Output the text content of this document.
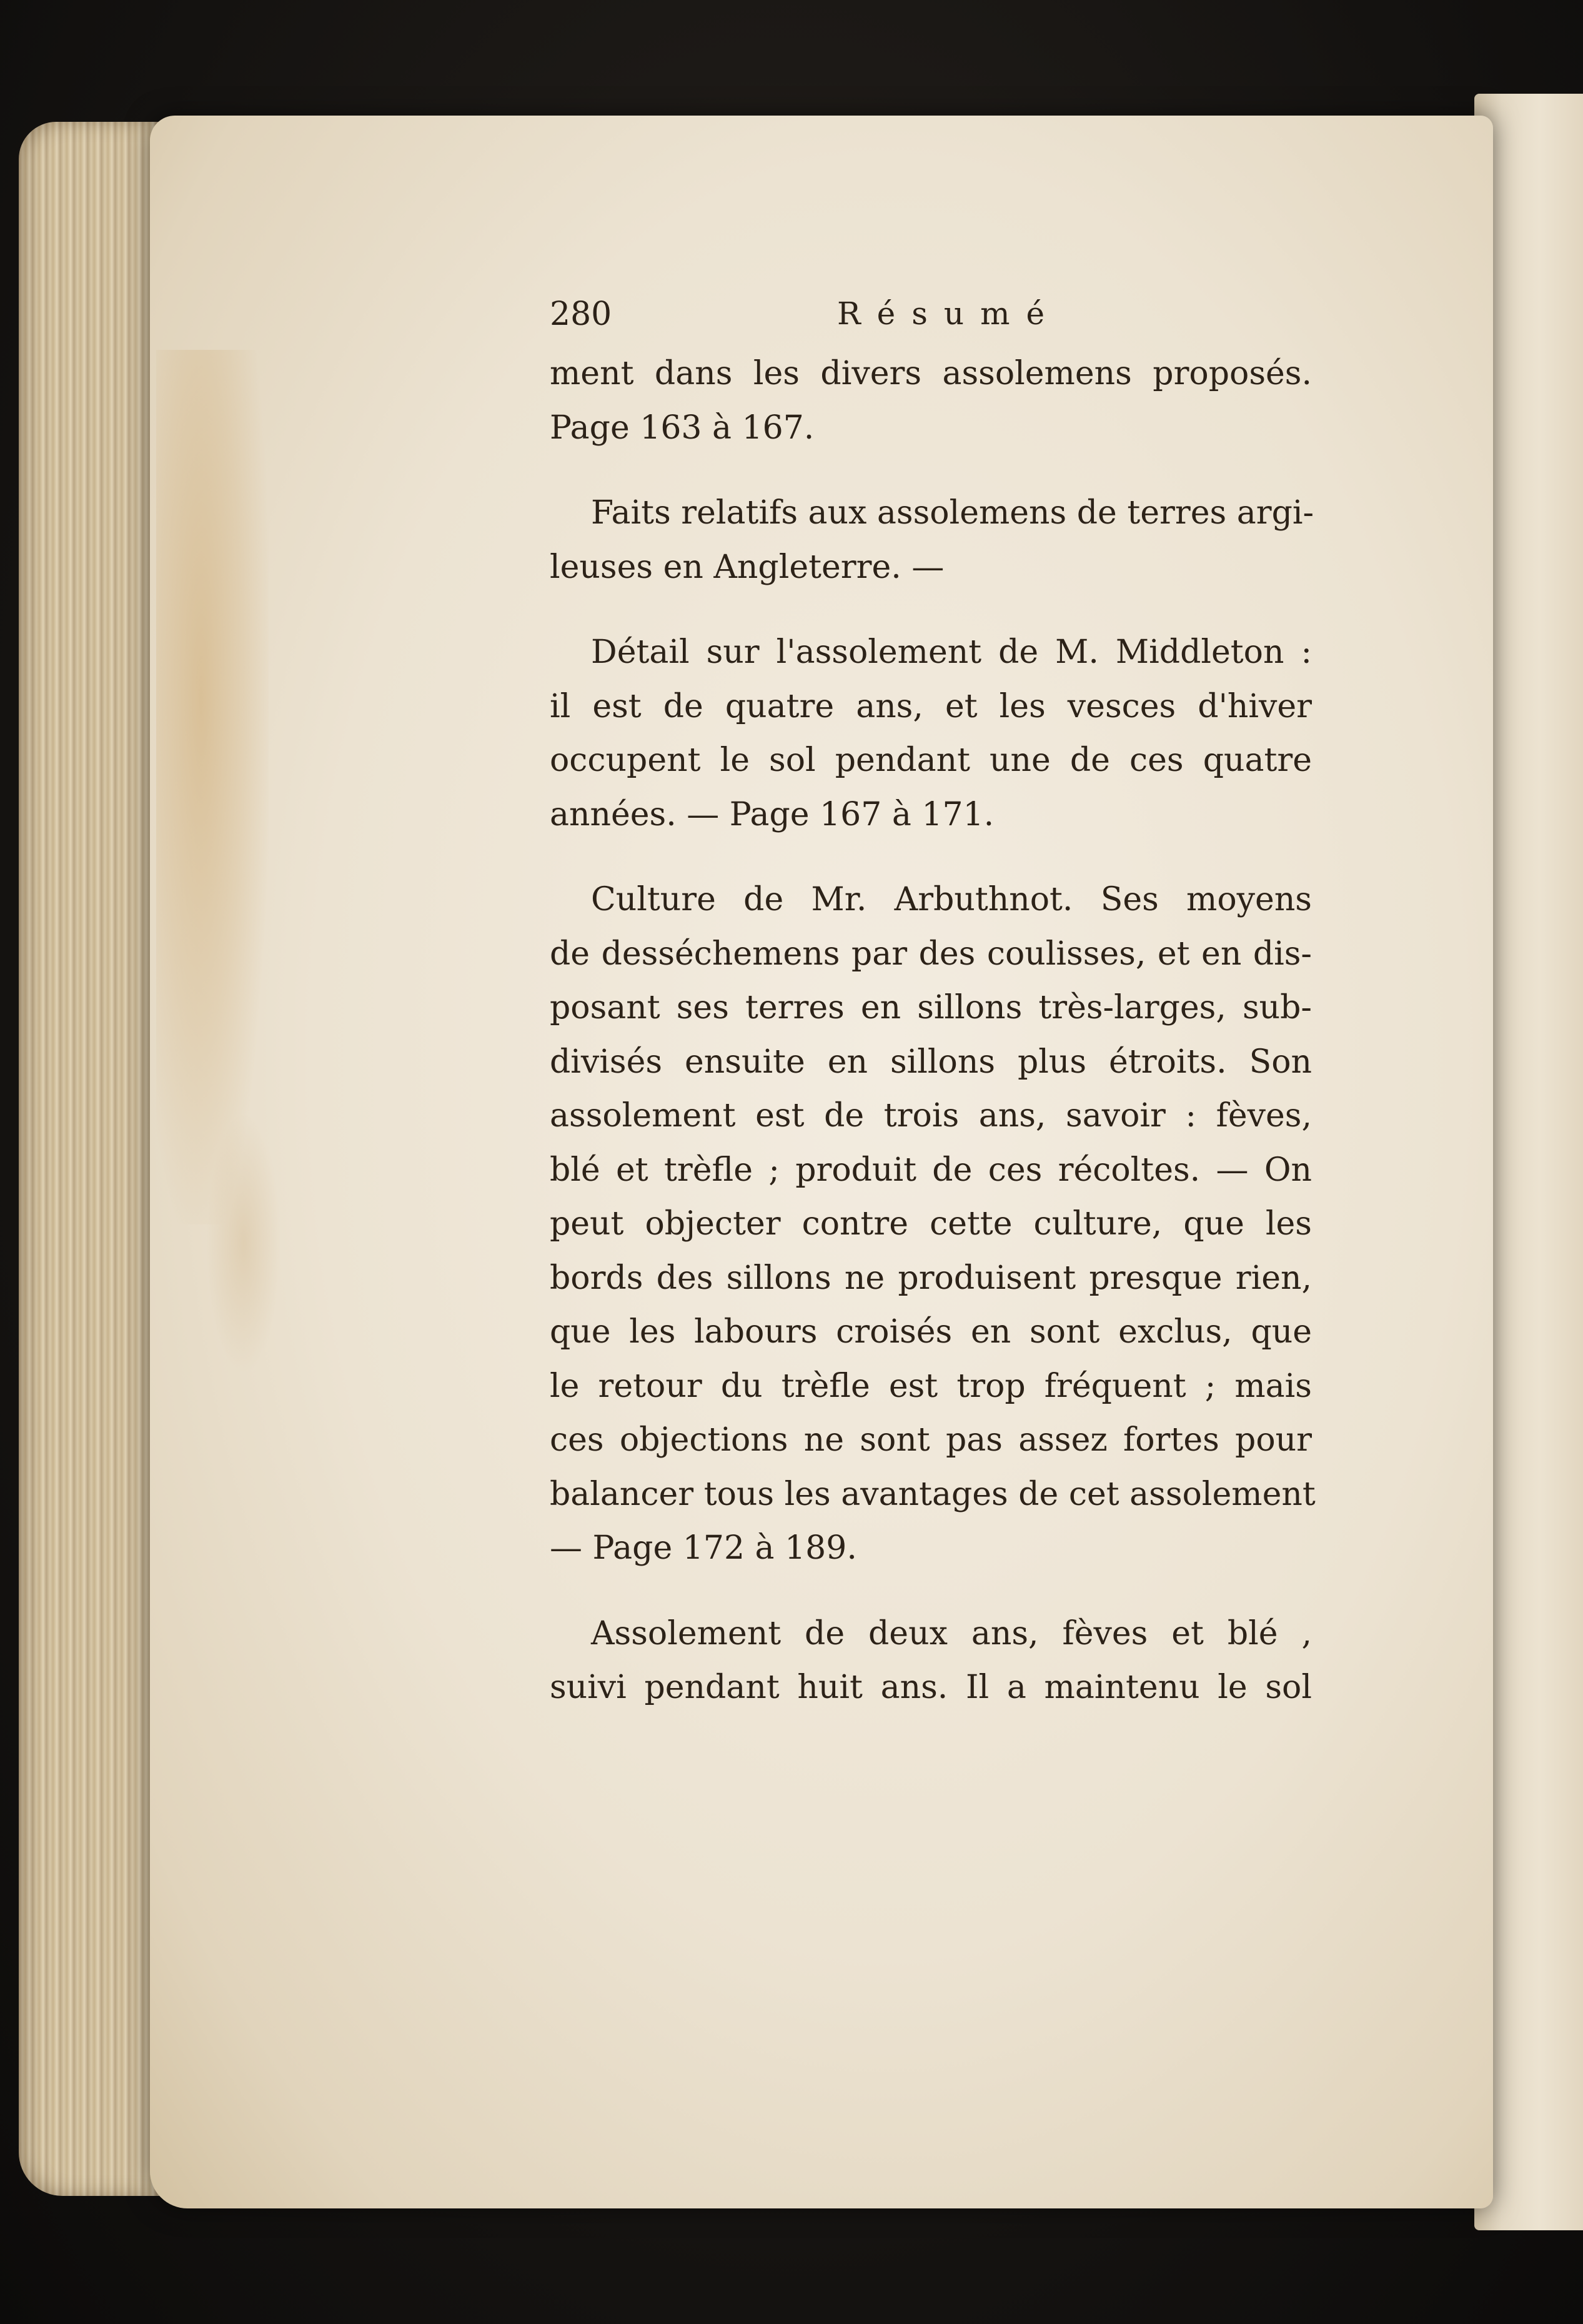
280	Résumé

ment dans les divers assolemens proposés.
Page 163 à 167.

Faits relatifs aux assolemens de terres argi-
leuses en Angleterre. —

Détail sur l'assolement de M. Middleton :
il est de quatre ans, et les vesces d'hiver
occupent le sol pendant une de ces quatre
années. — Page 167 à 171.

Culture de Mr. Arbuthnot. Ses moyens
de desséchemens par des coulisses, et en dis-
posant ses terres en sillons très-larges, sub-
divisés ensuite en sillons plus étroits. Son
assolement est de trois ans, savoir : fèves,
blé et trèfle ; produit de ces récoltes. — On
peut objecter contre cette culture, que les
bords des sillons ne produisent presque rien,
que les labours croisés en sont exclus, que
le retour du trèfle est trop fréquent ; mais
ces objections ne sont pas assez fortes pour
balancer tous les avantages de cet assolement
— Page 172 à 189.

Assolement de deux ans, fèves et blé ,
suivi pendant huit ans. Il a maintenu le sol
